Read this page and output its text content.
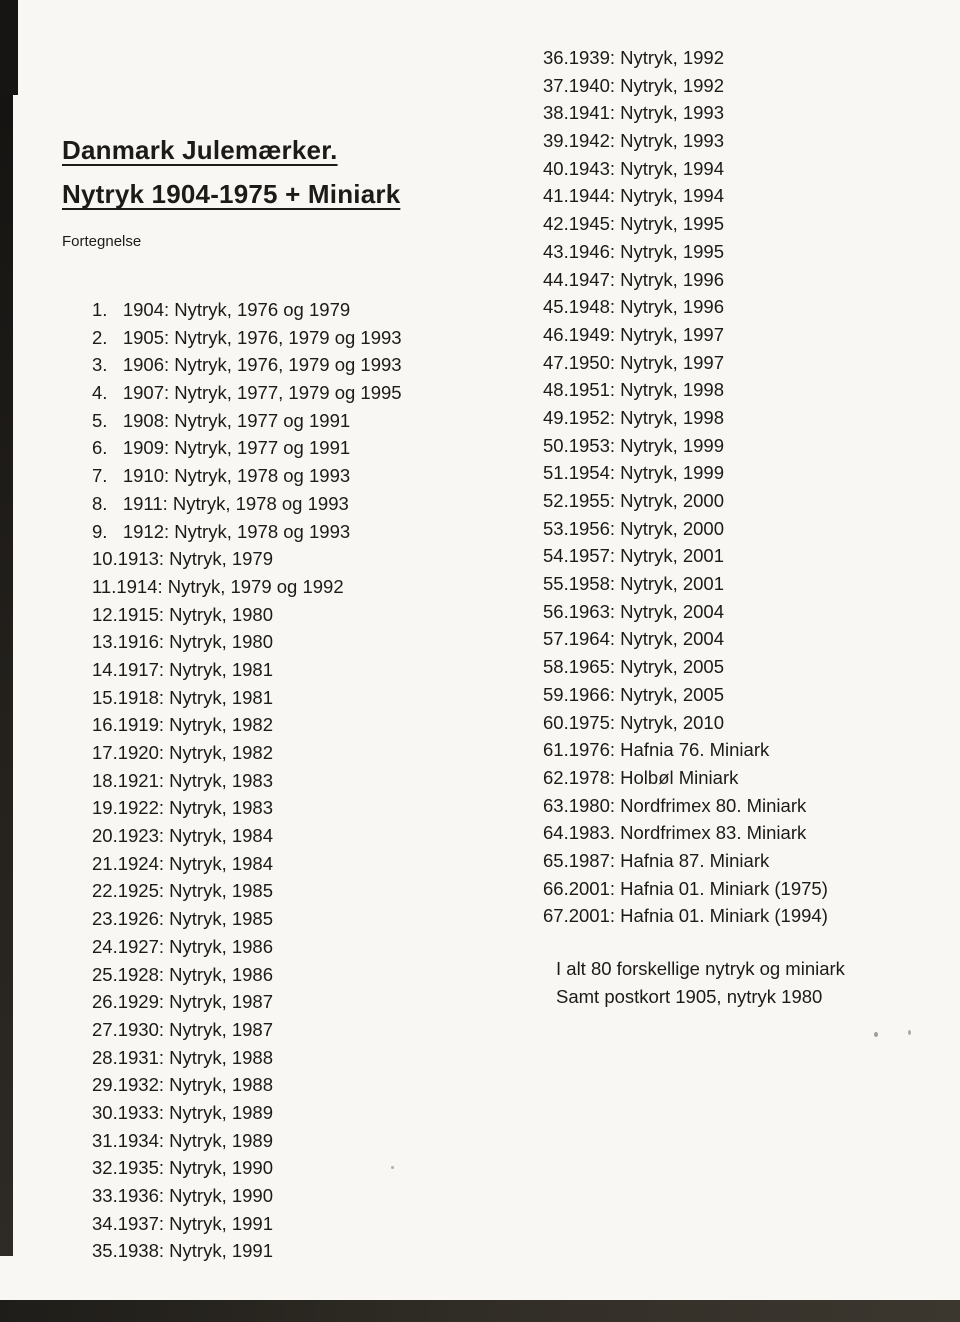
Danmark Julemærker.
Nytryk 1904-1975 + Miniark
Fortegnelse
1.   1904: Nytryk, 1976 og 1979
2.   1905: Nytryk, 1976, 1979 og 1993
3.   1906: Nytryk, 1976, 1979 og 1993
4.   1907: Nytryk, 1977, 1979 og 1995
5.   1908: Nytryk, 1977 og 1991
6.   1909: Nytryk, 1977 og 1991
7.   1910: Nytryk, 1978 og 1993
8.   1911: Nytryk, 1978 og 1993
9.   1912: Nytryk, 1978 og 1993
10.1913: Nytryk, 1979
11.1914: Nytryk, 1979 og 1992
12.1915: Nytryk, 1980
13.1916: Nytryk, 1980
14.1917: Nytryk, 1981
15.1918: Nytryk, 1981
16.1919: Nytryk, 1982
17.1920: Nytryk, 1982
18.1921: Nytryk, 1983
19.1922: Nytryk, 1983
20.1923: Nytryk, 1984
21.1924: Nytryk, 1984
22.1925: Nytryk, 1985
23.1926: Nytryk, 1985
24.1927: Nytryk, 1986
25.1928: Nytryk, 1986
26.1929: Nytryk, 1987
27.1930: Nytryk, 1987
28.1931: Nytryk, 1988
29.1932: Nytryk, 1988
30.1933: Nytryk, 1989
31.1934: Nytryk, 1989
32.1935: Nytryk, 1990
33.1936: Nytryk, 1990
34.1937: Nytryk, 1991
35.1938: Nytryk, 1991
36.1939: Nytryk, 1992
37.1940: Nytryk, 1992
38.1941: Nytryk, 1993
39.1942: Nytryk, 1993
40.1943: Nytryk, 1994
41.1944: Nytryk, 1994
42.1945: Nytryk, 1995
43.1946: Nytryk, 1995
44.1947: Nytryk, 1996
45.1948: Nytryk, 1996
46.1949: Nytryk, 1997
47.1950: Nytryk, 1997
48.1951: Nytryk, 1998
49.1952: Nytryk, 1998
50.1953: Nytryk, 1999
51.1954: Nytryk, 1999
52.1955: Nytryk, 2000
53.1956: Nytryk, 2000
54.1957: Nytryk, 2001
55.1958: Nytryk, 2001
56.1963: Nytryk, 2004
57.1964: Nytryk, 2004
58.1965: Nytryk, 2005
59.1966: Nytryk, 2005
60.1975: Nytryk, 2010
61.1976: Hafnia 76. Miniark
62.1978: Holbøl Miniark
63.1980: Nordfrimex 80. Miniark
64.1983. Nordfrimex 83. Miniark
65.1987: Hafnia 87. Miniark
66.2001: Hafnia 01. Miniark (1975)
67.2001: Hafnia 01. Miniark (1994)
I alt 80 forskellige nytryk og miniark
Samt postkort 1905, nytryk 1980
